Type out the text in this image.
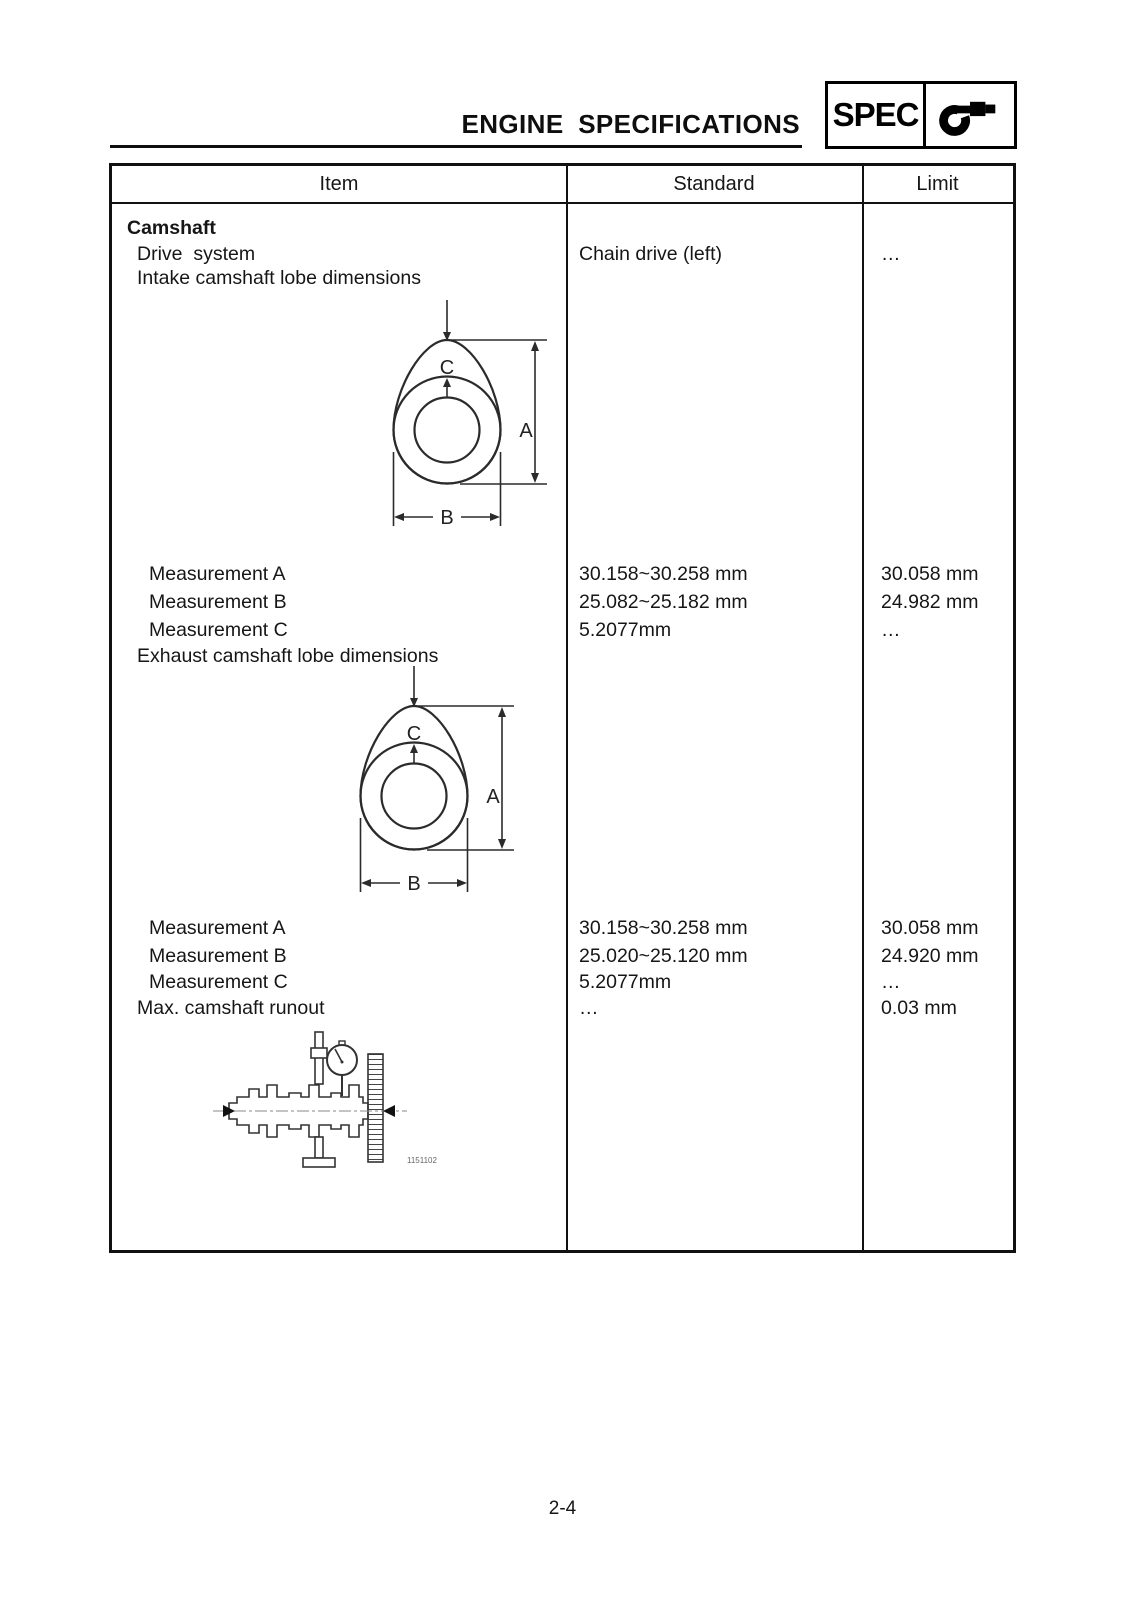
ENGINE SPECIFICATIONS SPEC
Item	Standard	Limit
Camshaft
Drive  system
Intake camshaft lobe dimensions
Measurement A
Measurement B
Measurement C
Exhaust camshaft lobe dimensions
Measurement A
Measurement B
Measurement C
Max. camshaft runout
Chain drive (left)
30.158~30.258 mm
25.082~25.182 mm
5.2077mm
30.158~30.258 mm
25.020~25.120 mm
5.2077mm
…
…
30.058 mm
24.982 mm
…
30.058 mm
24.920 mm
…
0.03 mm
C
A
B
C
A
B
1151102
2-4
